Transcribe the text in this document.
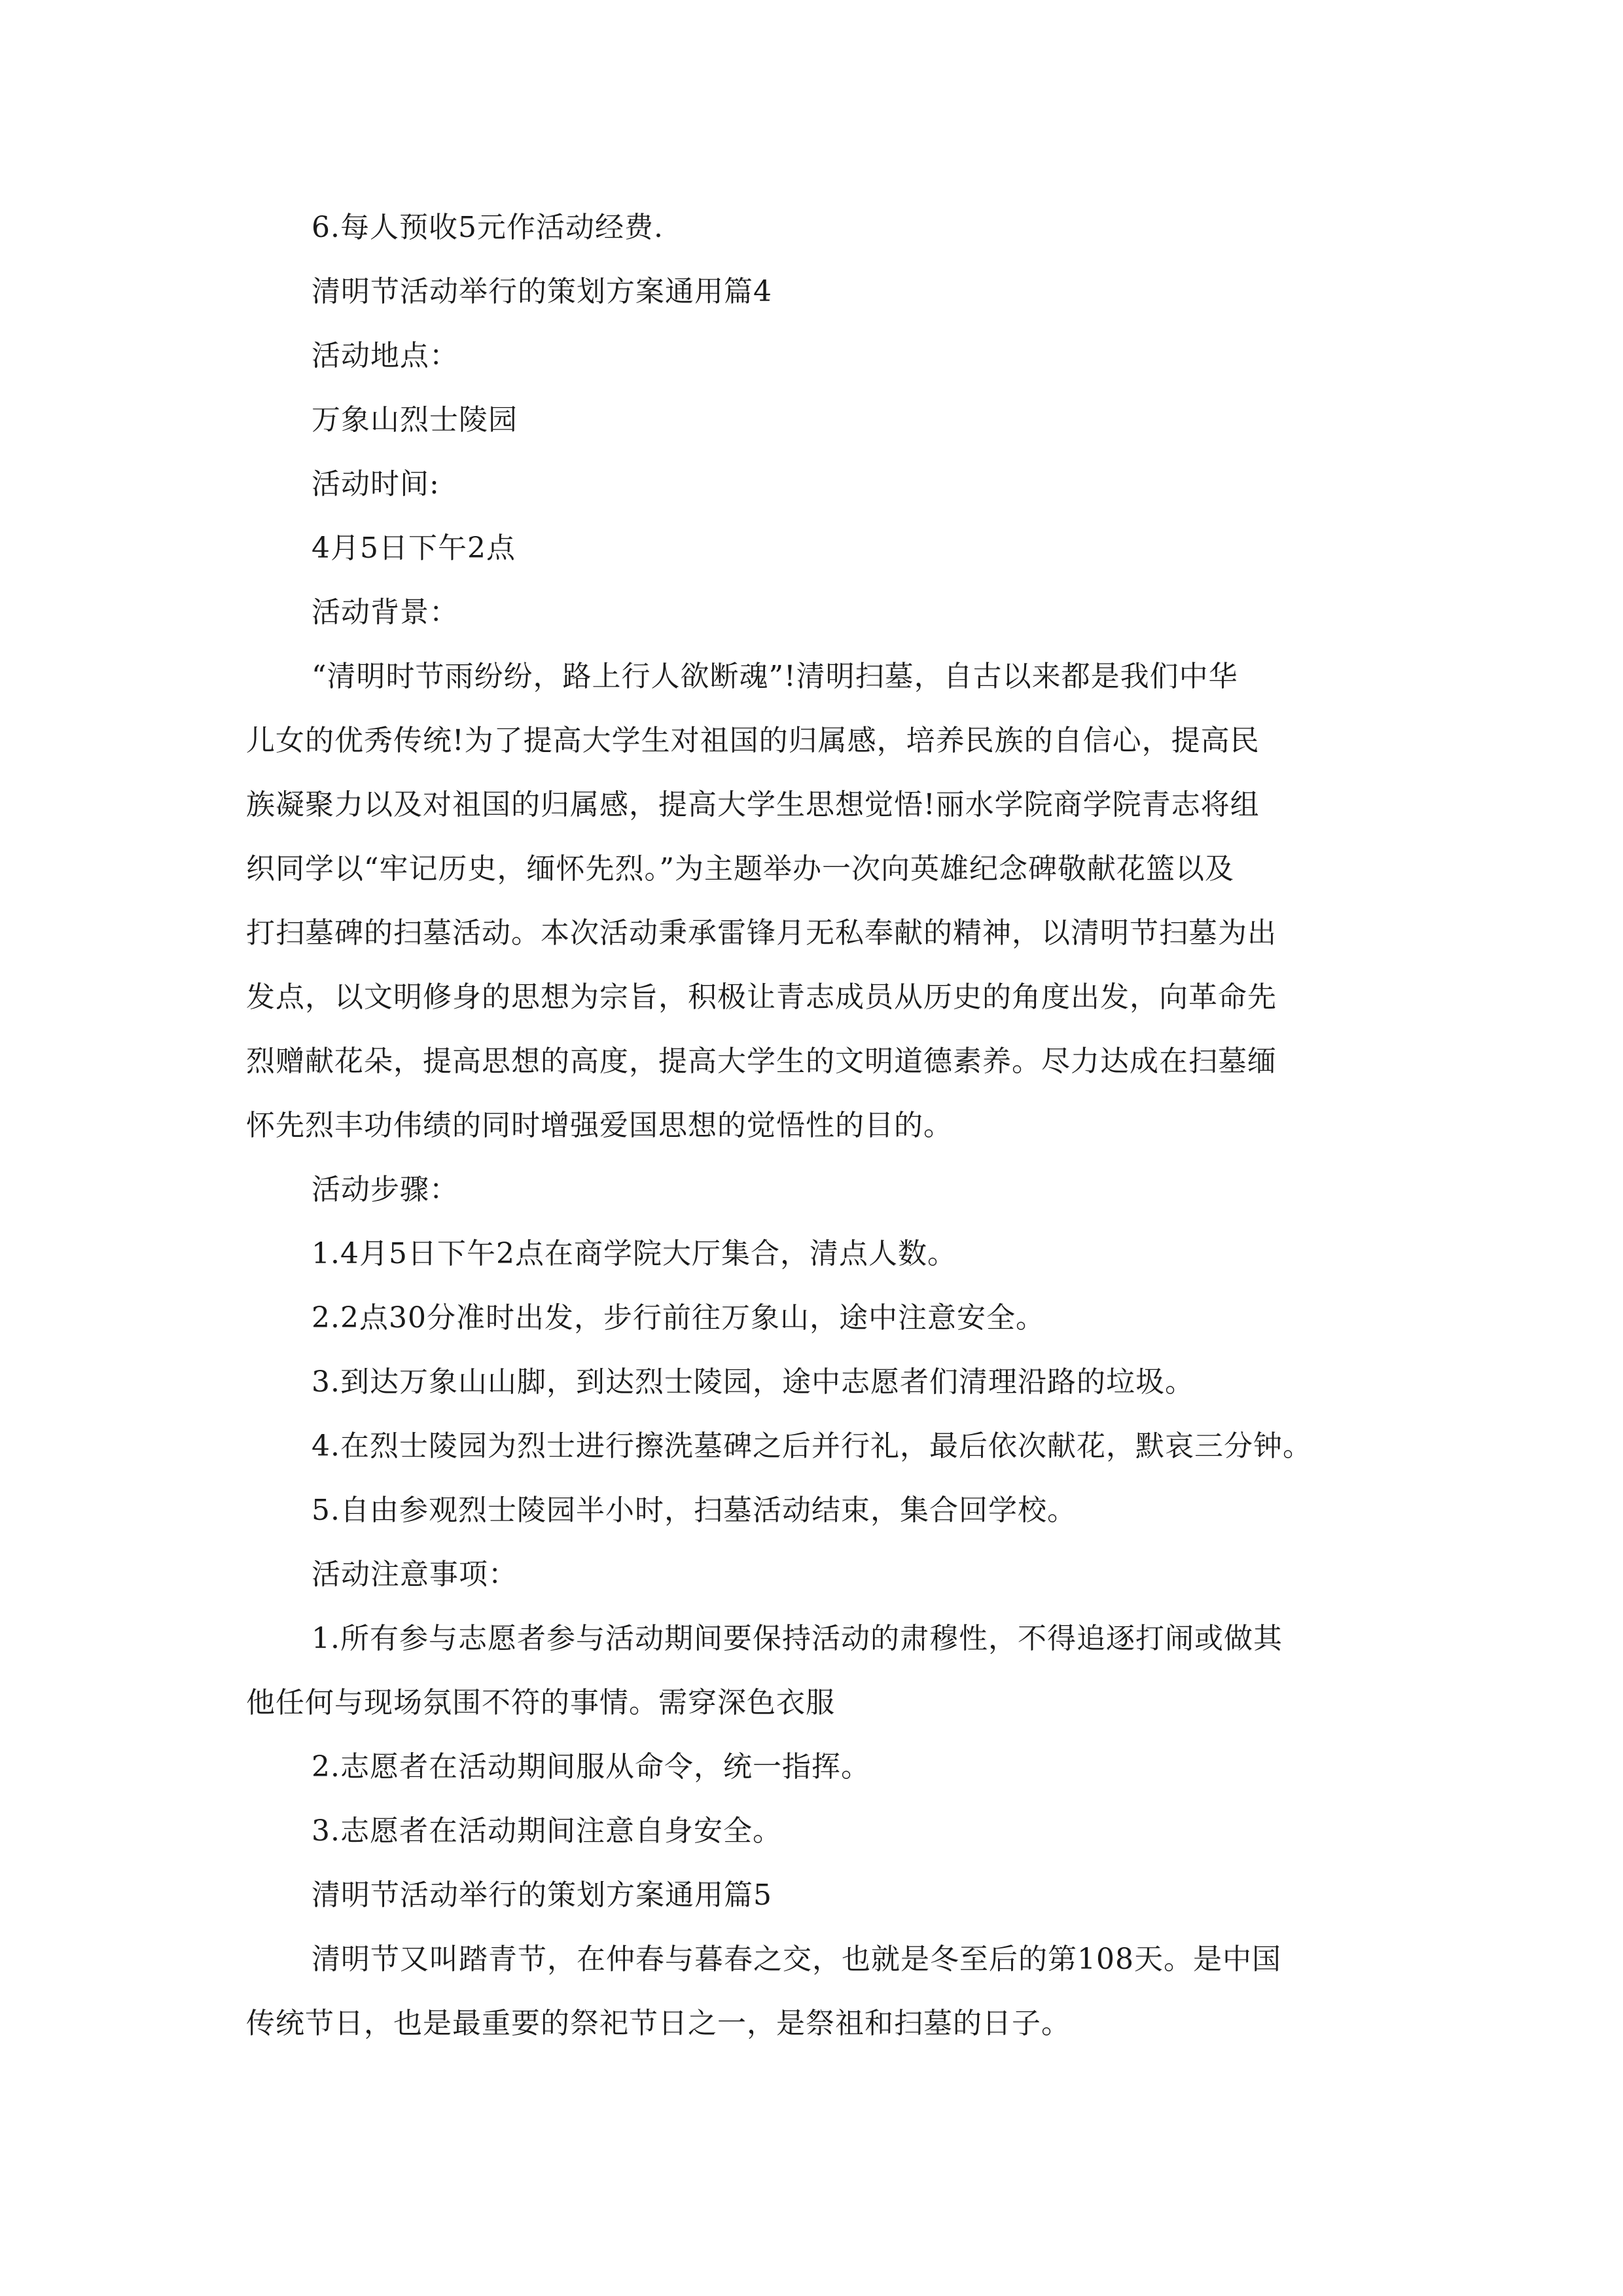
6.每人预收5元作活动经费.
清明节活动举行的策划方案通用篇4
活动地点：
万象山烈士陵园
活动时间:
4月5日下午2点
活动背景：
“清明时节雨纷纷，路上行人欲断魂”!清明扫墓，自古以来都是我们中华
儿女的优秀传统!为了提高大学生对祖国的归属感，培养民族的自信心，提高民
族凝聚力以及对祖国的归属感，提高大学生思想觉悟!丽水学院商学院青志将组
织同学以“牢记历史，缅怀先烈。”为主题举办一次向英雄纪念碑敬献花篮以及
打扫墓碑的扫墓活动。本次活动秉承雷锋月无私奉献的精神，以清明节扫墓为出
发点，以文明修身的思想为宗旨，积极让青志成员从历史的角度出发，向革命先
烈赠献花朵，提高思想的高度，提高大学生的文明道德素养。尽力达成在扫墓缅
怀先烈丰功伟绩的同时增强爱国思想的觉悟性的目的。
活动步骤：
1.4月5日下午2点在商学院大厅集合，清点人数。
2.2点30分准时出发，步行前往万象山，途中注意安全。
3.到达万象山山脚，到达烈士陵园，途中志愿者们清理沿路的垃圾。
4.在烈士陵园为烈士进行擦洗墓碑之后并行礼，最后依次献花，默哀三分钟。
5.自由参观烈士陵园半小时，扫墓活动结束，集合回学校。
活动注意事项：
1.所有参与志愿者参与活动期间要保持活动的肃穆性，不得追逐打闹或做其
他任何与现场氛围不符的事情。需穿深色衣服
2.志愿者在活动期间服从命令，统一指挥。
3.志愿者在活动期间注意自身安全。
清明节活动举行的策划方案通用篇5
清明节又叫踏青节，在仲春与暮春之交，也就是冬至后的第108天。是中国
传统节日，也是最重要的祭祀节日之一，是祭祖和扫墓的日子。
